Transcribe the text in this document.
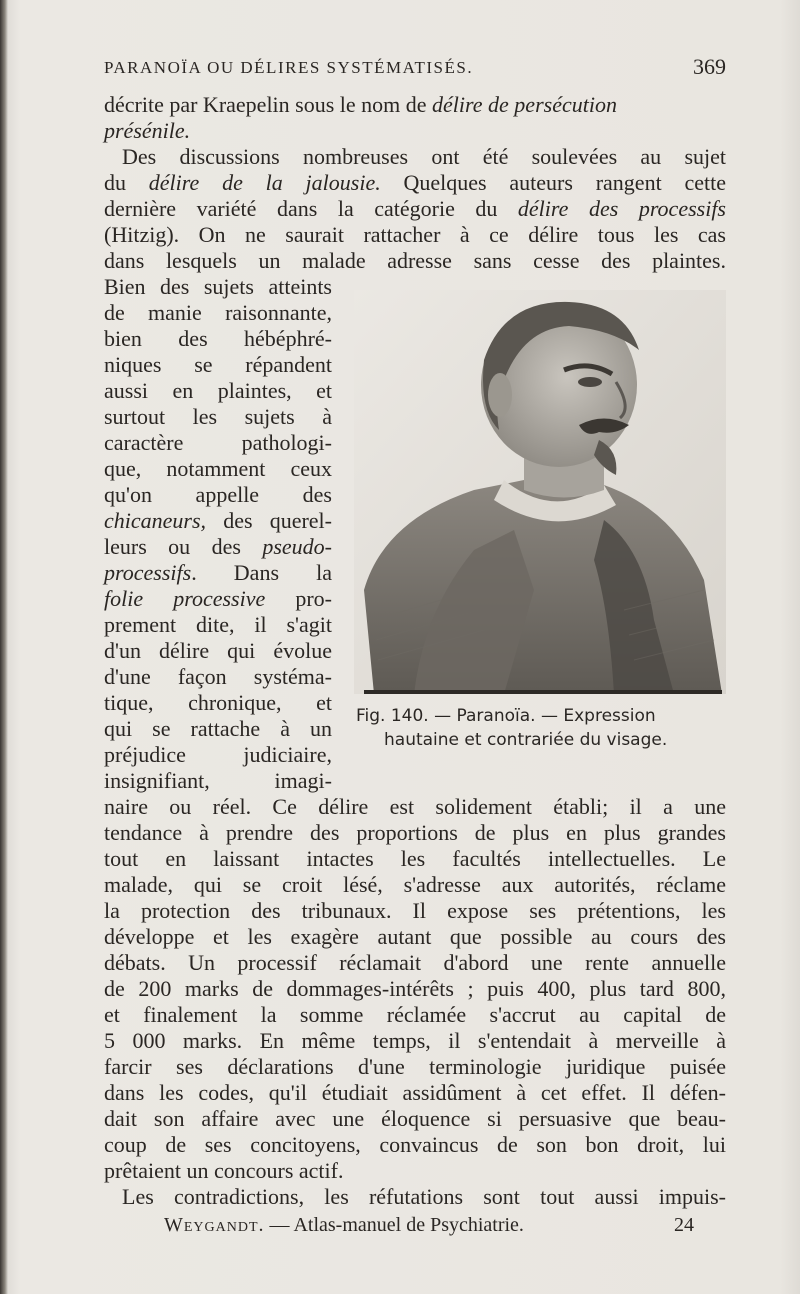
PARANOÏA OU DÉLIRES SYSTÉMATISÉS.	369
décrite par Kraepelin sous le nom de délire de persécution
présénile.
Des discussions nombreuses ont été soulevées au sujet
du délire de la jalousie. Quelques auteurs rangent cette
dernière variété dans la catégorie du délire des processifs
(Hitzig). On ne saurait rattacher à ce délire tous les cas
dans lesquels un malade adresse sans cesse des plaintes.
Bien des sujets atteints
de manie raisonnante,
bien des hébéphré-
niques se répandent
aussi en plaintes, et
surtout les sujets à
caractère pathologi-
que, notamment ceux
qu'on appelle des
chicaneurs, des querel-
leurs ou des pseudo-
processifs. Dans la
folie processive pro-
prement dite, il s'agit
d'un délire qui évolue
d'une façon systéma-
tique, chronique, et
qui se rattache à un
préjudice judiciaire,
insignifiant, imagi-
Fig. 140. — Paranoïa. — Expression
hautaine et contrariée du visage.
naire ou réel. Ce délire est solidement établi; il a une
tendance à prendre des proportions de plus en plus grandes
tout en laissant intactes les facultés intellectuelles. Le
malade, qui se croit lésé, s'adresse aux autorités, réclame
la protection des tribunaux. Il expose ses prétentions, les
développe et les exagère autant que possible au cours des
débats. Un processif réclamait d'abord une rente annuelle
de 200 marks de dommages-intérêts ; puis 400, plus tard 800,
et finalement la somme réclamée s'accrut au capital de
5 000 marks. En même temps, il s'entendait à merveille à
farcir ses déclarations d'une terminologie juridique puisée
dans les codes, qu'il étudiait assidûment à cet effet. Il défen-
dait son affaire avec une éloquence si persuasive que beau-
coup de ses concitoyens, convaincus de son bon droit, lui
prêtaient un concours actif.
Les contradictions, les réfutations sont tout aussi impuis-
Weygandt. — Atlas-manuel de Psychiatrie.	24
